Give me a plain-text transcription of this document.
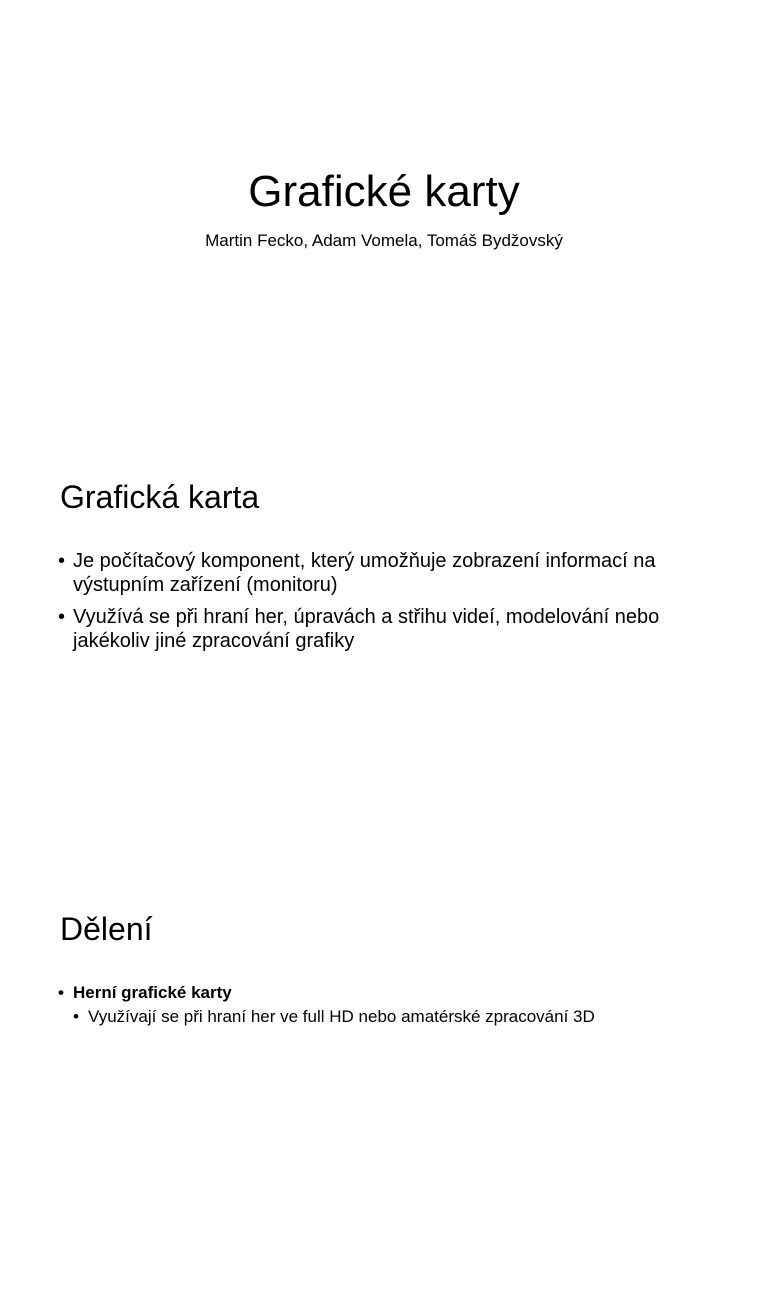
Grafické karty

Martin Fecko, Adam Vomela, Tomáš Bydžovský

Grafická karta
• Je počítačový komponent, který umožňuje zobrazení informací na výstupním zařízení (monitoru)
• Využívá se při hraní her, úpravách a střihu videí, modelování nebo jakékoliv jiné zpracování grafiky
Dělení
• Herní grafické karty
• Využívají se při hraní her ve full HD nebo amatérské zpracování 3D
